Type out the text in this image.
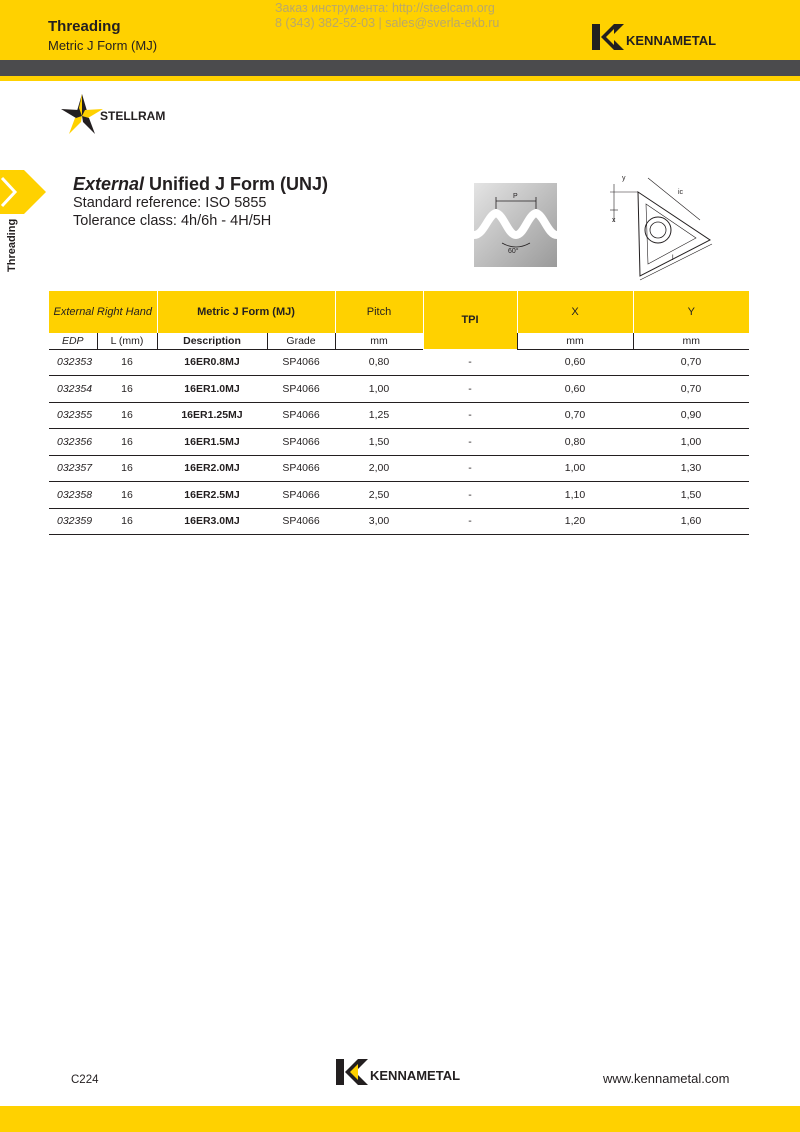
Threading
Metric J Form (MJ)
Заказ инструмента: http://steelcam.org
8 (343) 382-52-03 | sales@sverla-ekb.ru
KENNAMETAL
STELLRAM
Threading
External Unified J Form (UNJ)
Standard reference: ISO 5855
Tolerance class: 4h/6h - 4H/5H
P
60°
y
x
ic
l
External Right Hand		Metric J Form (MJ)		Pitch	TPI	X	Y
EDP	L (mm)	Description	Grade	mm		mm	mm
032353	16	16ER0.8MJ	SP4066	0,80	-	0,60	0,70
032354	16	16ER1.0MJ	SP4066	1,00	-	0,60	0,70
032355	16	16ER1.25MJ	SP4066	1,25	-	0,70	0,90
032356	16	16ER1.5MJ	SP4066	1,50	-	0,80	1,00
032357	16	16ER2.0MJ	SP4066	2,00	-	1,00	1,30
032358	16	16ER2.5MJ	SP4066	2,50	-	1,10	1,50
032359	16	16ER3.0MJ	SP4066	3,00	-	1,20	1,60
C224	KENNAMETAL	www.kennametal.com
